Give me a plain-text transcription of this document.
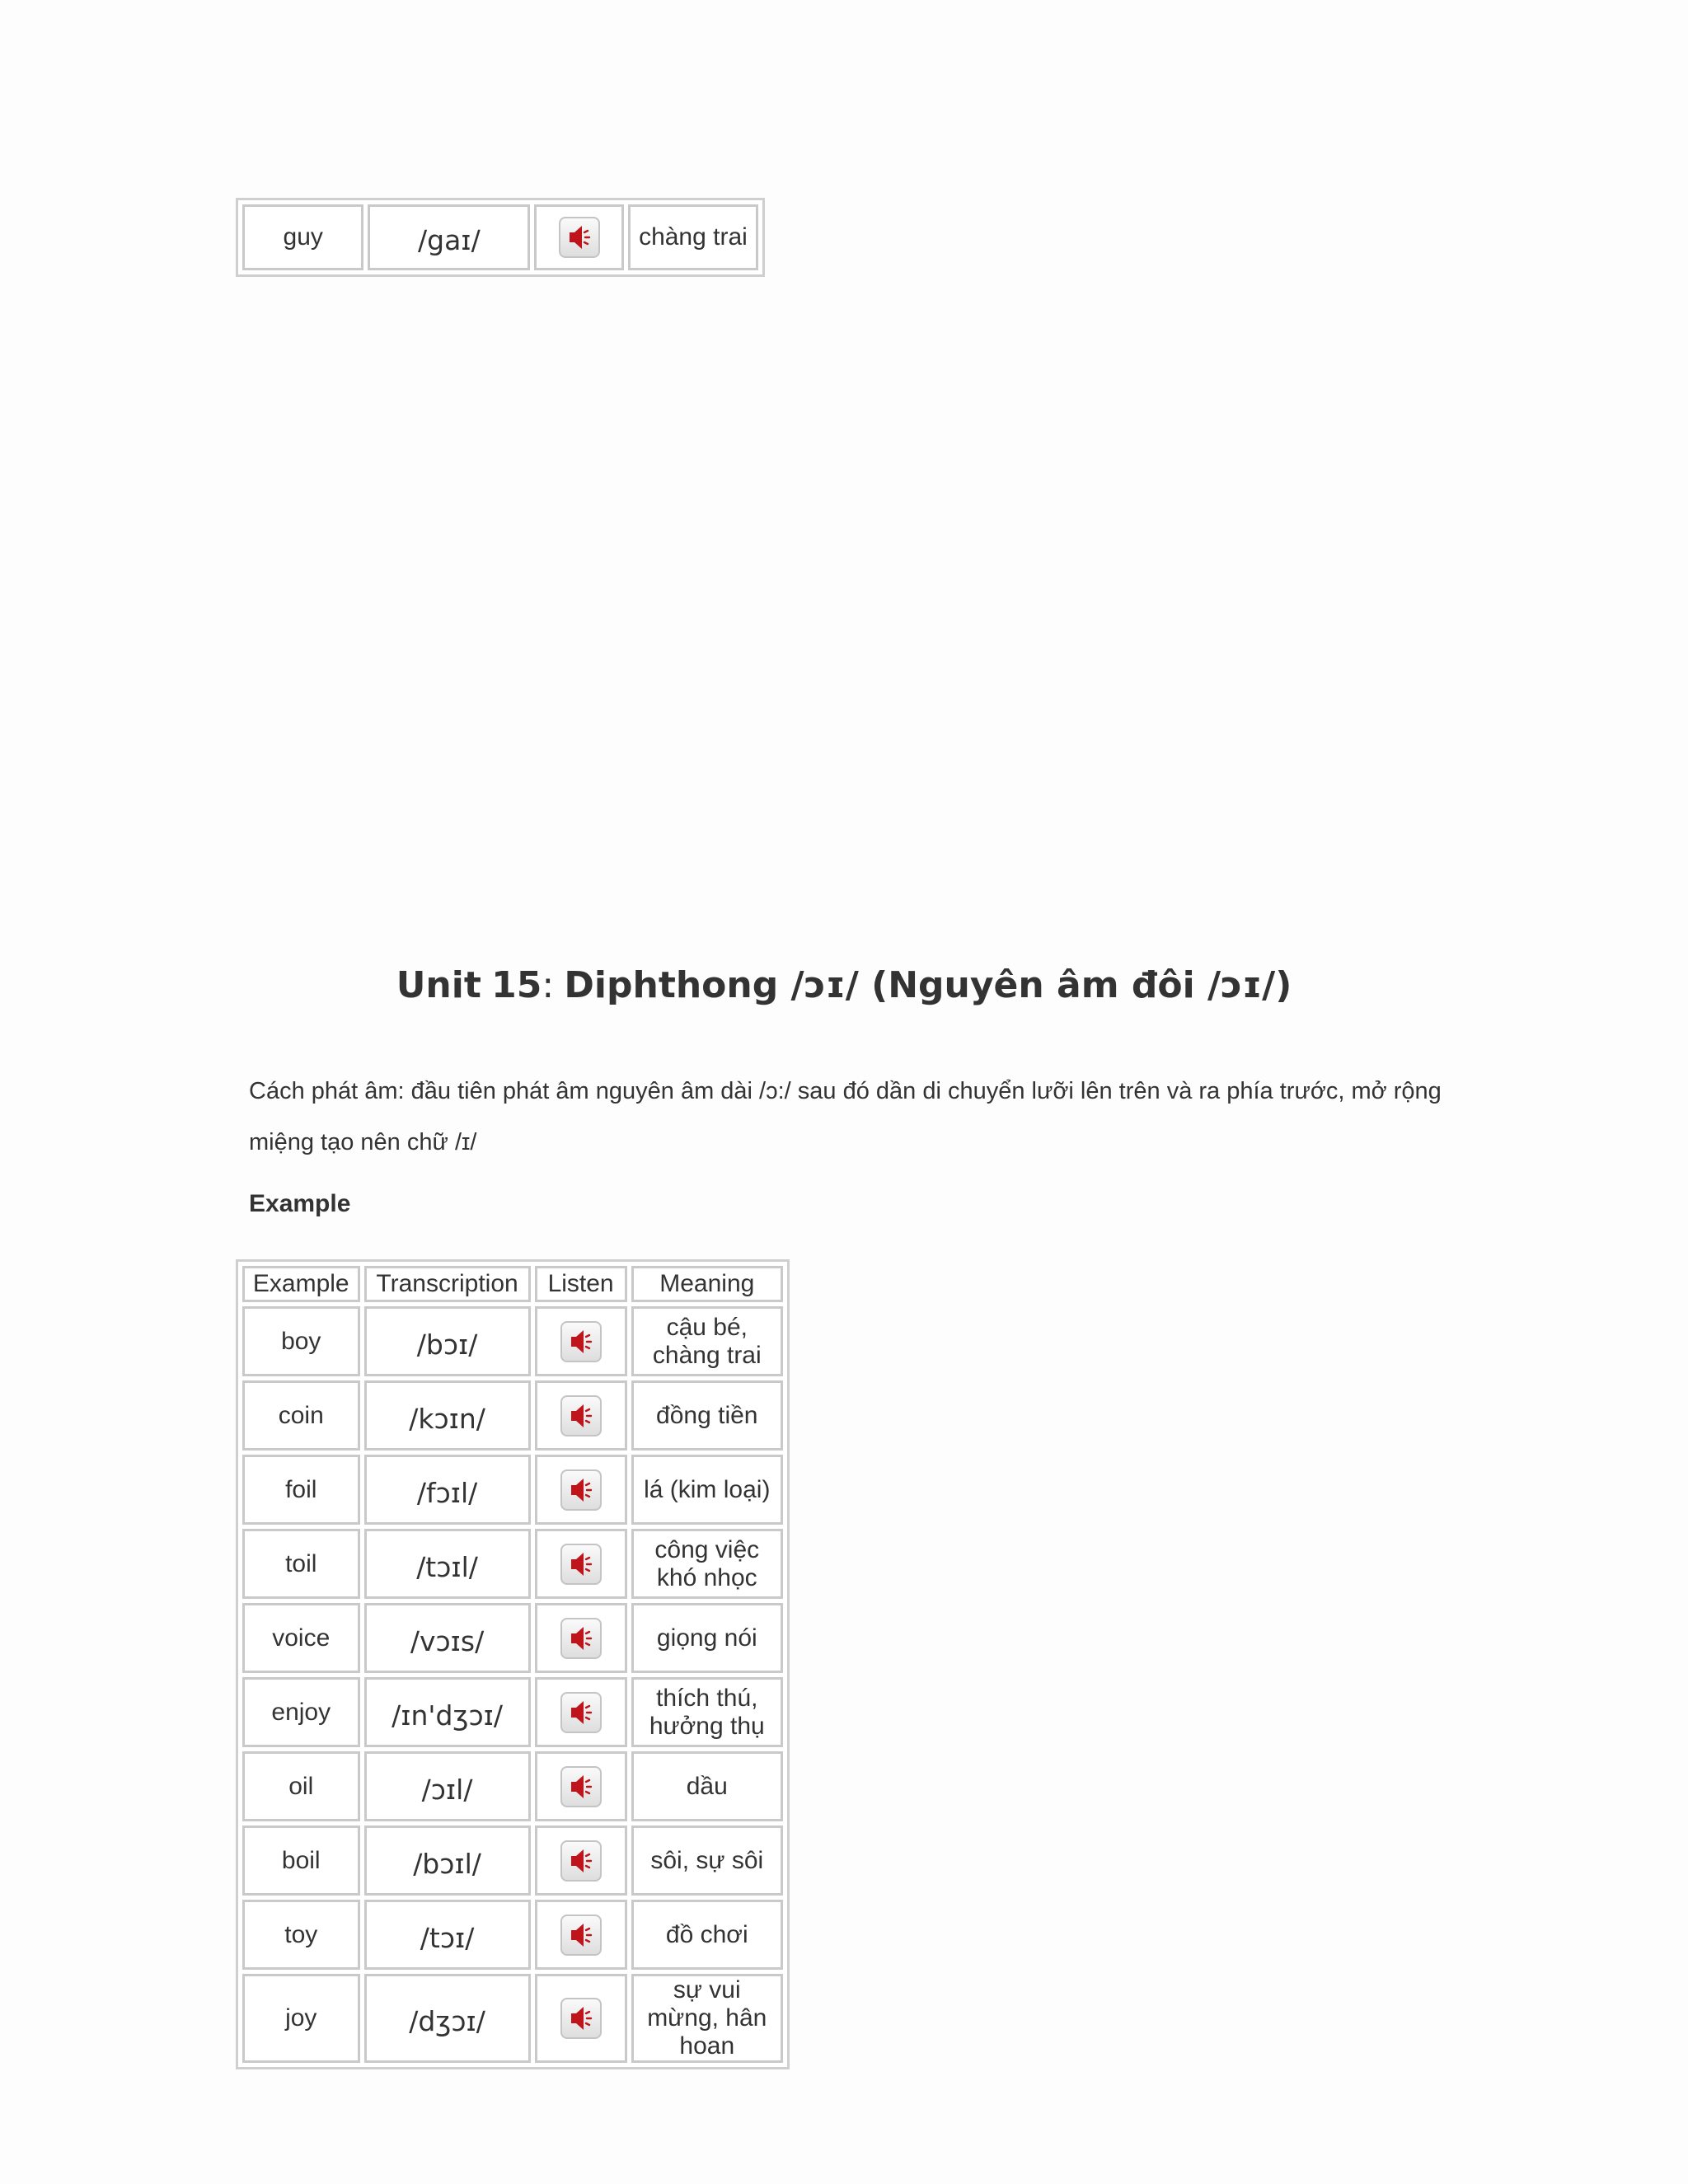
guy	/gaɪ/		chàng trai
Unit 15: Diphthong /ɔɪ/ (Nguyên âm đôi /ɔɪ/)

Cách phát âm: đầu tiên phát âm nguyên âm dài /ɔ:/ sau đó dần di chuyển lưỡi lên trên và ra phía trước, mở rộng miệng tạo nên chữ /ɪ/

Example
Example	Transcription	Listen	Meaning
boy	/bɔɪ/		cậu bé, chàng trai
coin	/kɔɪn/		đồng tiền
foil	/fɔɪl/		lá (kim loại)
toil	/tɔɪl/		công việc khó nhọc
voice	/vɔɪs/		giọng nói
enjoy	/ɪn'dʒɔɪ/		thích thú, hưởng thụ
oil	/ɔɪl/		dầu
boil	/bɔɪl/		sôi, sự sôi
toy	/tɔɪ/		đồ chơi
joy	/dʒɔɪ/		sự vui mừng, hân hoan
